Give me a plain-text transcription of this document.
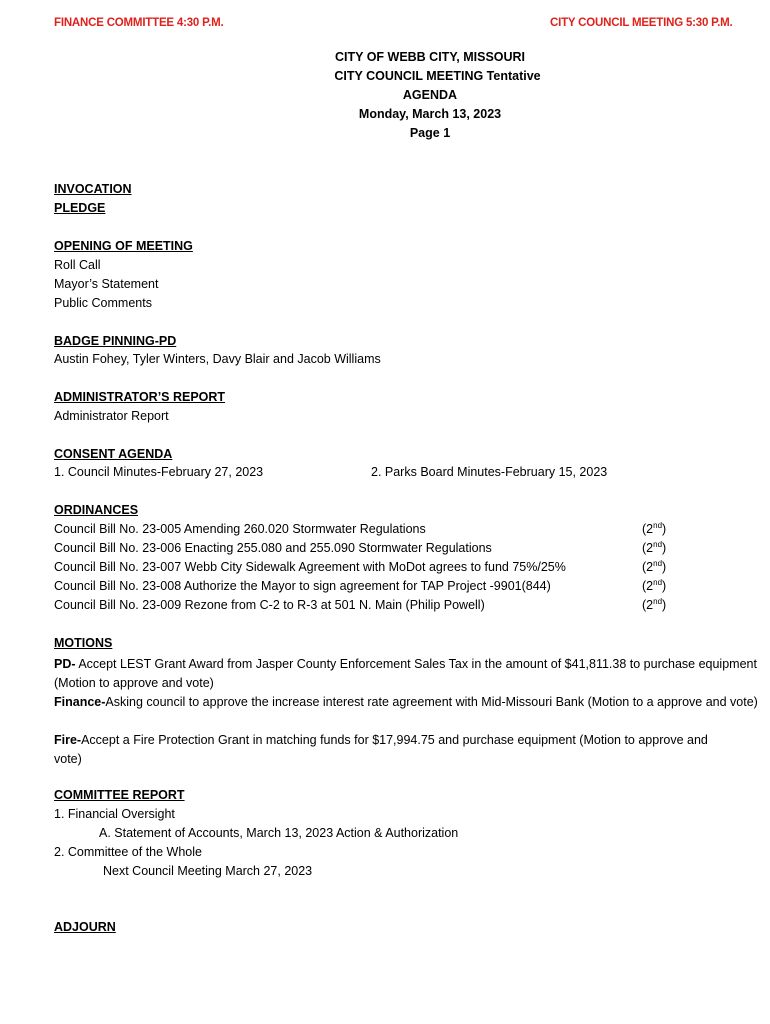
FINANCE COMMITTEE 4:30 P.M.	CITY COUNCIL MEETING 5:30 P.M.
CITY OF WEBB CITY, MISSOURI
CITY COUNCIL MEETING Tentative
AGENDA
Monday, March 13, 2023
Page 1
INVOCATION
PLEDGE
OPENING OF MEETING
Roll Call
Mayor’s Statement
Public Comments
BADGE PINNING-PD
Austin Fohey, Tyler Winters, Davy Blair and Jacob Williams
ADMINISTRATOR’S REPORT
Administrator Report
CONSENT AGENDA
1. Council Minutes-February 27, 2023	2. Parks Board Minutes-February 15, 2023
ORDINANCES
Council Bill No. 23-005 Amending 260.020 Stormwater Regulations	(2nd)
Council Bill No. 23-006 Enacting 255.080 and 255.090 Stormwater Regulations	(2nd)
Council Bill No. 23-007 Webb City Sidewalk Agreement with MoDot agrees to fund 75%/25%	(2nd)
Council Bill No. 23-008 Authorize the Mayor to sign agreement for TAP Project -9901(844)	(2nd)
Council Bill No. 23-009 Rezone from C-2 to R-3 at 501 N. Main (Philip Powell)	(2nd)
MOTIONS
PD- Accept LEST Grant Award from Jasper County Enforcement Sales Tax in the amount of $41,811.38 to purchase equipment (Motion to approve and vote)
Finance-Asking council to approve the increase interest rate agreement with Mid-Missouri Bank (Motion to a approve and vote)
Fire-Accept a Fire Protection Grant in matching funds for $17,994.75 and purchase equipment (Motion to approve and vote)
COMMITTEE REPORT
1. Financial Oversight
A. Statement of Accounts, March 13, 2023 Action & Authorization
2. Committee of the Whole
Next Council Meeting March 27, 2023
ADJOURN
